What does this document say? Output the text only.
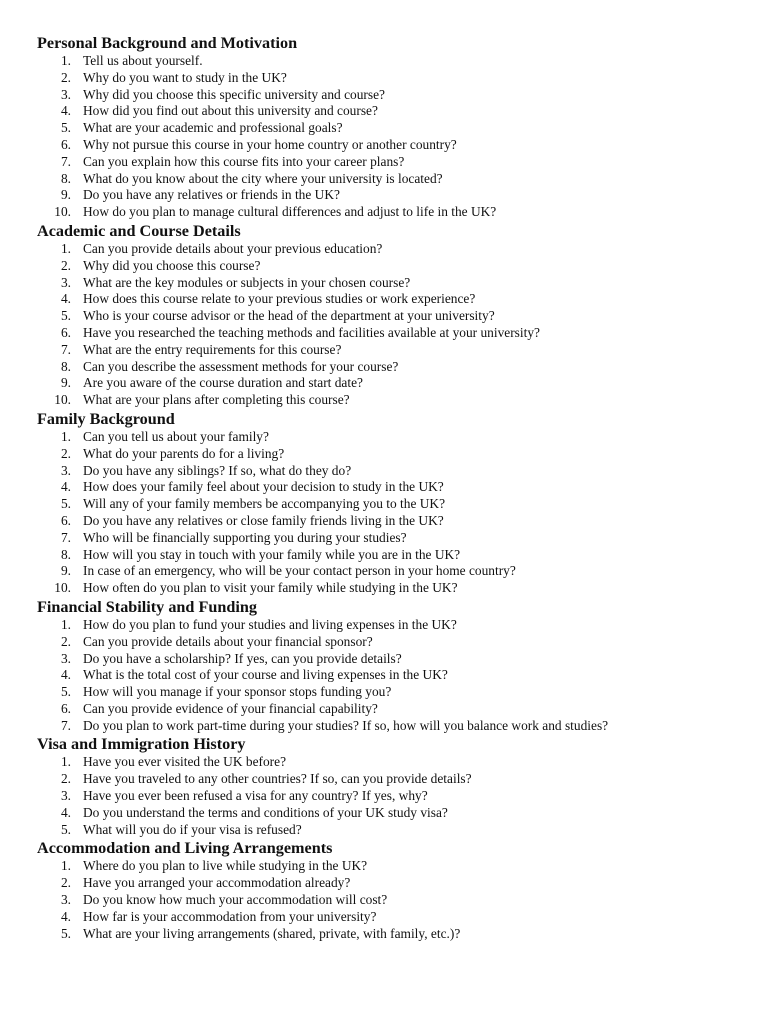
Personal Background and Motivation
1. Tell us about yourself.
2. Why do you want to study in the UK?
3. Why did you choose this specific university and course?
4. How did you find out about this university and course?
5. What are your academic and professional goals?
6. Why not pursue this course in your home country or another country?
7. Can you explain how this course fits into your career plans?
8. What do you know about the city where your university is located?
9. Do you have any relatives or friends in the UK?
10. How do you plan to manage cultural differences and adjust to life in the UK?
Academic and Course Details
1. Can you provide details about your previous education?
2. Why did you choose this course?
3. What are the key modules or subjects in your chosen course?
4. How does this course relate to your previous studies or work experience?
5. Who is your course advisor or the head of the department at your university?
6. Have you researched the teaching methods and facilities available at your university?
7. What are the entry requirements for this course?
8. Can you describe the assessment methods for your course?
9. Are you aware of the course duration and start date?
10. What are your plans after completing this course?
Family Background
1. Can you tell us about your family?
2. What do your parents do for a living?
3. Do you have any siblings? If so, what do they do?
4. How does your family feel about your decision to study in the UK?
5. Will any of your family members be accompanying you to the UK?
6. Do you have any relatives or close family friends living in the UK?
7. Who will be financially supporting you during your studies?
8. How will you stay in touch with your family while you are in the UK?
9. In case of an emergency, who will be your contact person in your home country?
10. How often do you plan to visit your family while studying in the UK?
Financial Stability and Funding
1. How do you plan to fund your studies and living expenses in the UK?
2. Can you provide details about your financial sponsor?
3. Do you have a scholarship? If yes, can you provide details?
4. What is the total cost of your course and living expenses in the UK?
5. How will you manage if your sponsor stops funding you?
6. Can you provide evidence of your financial capability?
7. Do you plan to work part-time during your studies? If so, how will you balance work and studies?
Visa and Immigration History
1. Have you ever visited the UK before?
2. Have you traveled to any other countries? If so, can you provide details?
3. Have you ever been refused a visa for any country? If yes, why?
4. Do you understand the terms and conditions of your UK study visa?
5. What will you do if your visa is refused?
Accommodation and Living Arrangements
1. Where do you plan to live while studying in the UK?
2. Have you arranged your accommodation already?
3. Do you know how much your accommodation will cost?
4. How far is your accommodation from your university?
5. What are your living arrangements (shared, private, with family, etc.)?
